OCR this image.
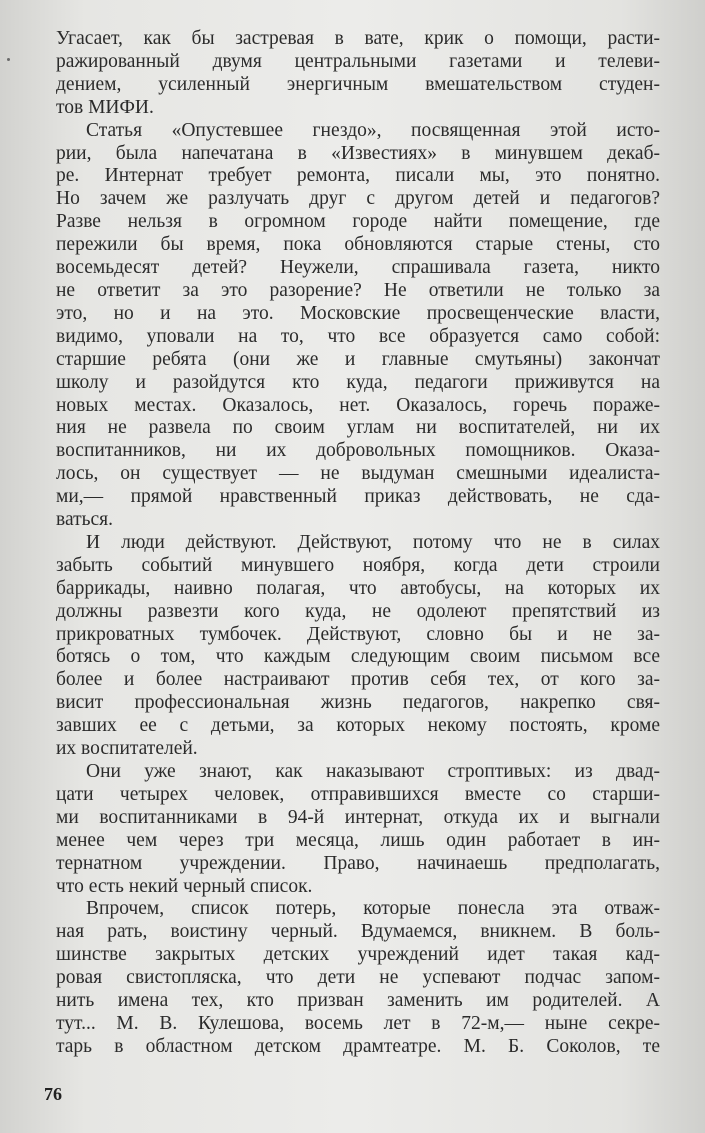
Угасает, как бы застревая в вате, крик о помощи, расти-
ражированный двумя центральными газетами и телеви-
дением, усиленный энергичным вмешательством студен-
тов МИФИ.

Статья «Опустевшее гнездо», посвященная этой исто-
рии, была напечатана в «Известиях» в минувшем декаб-
ре. Интернат требует ремонта, писали мы, это понятно.
Но зачем же разлучать друг с другом детей и педагогов?
Разве нельзя в огромном городе найти помещение, где
пережили бы время, пока обновляются старые стены, сто
восемьдесят детей? Неужели, спрашивала газета, никто
не ответит за это разорение? Не ответили не только за
это, но и на это. Московские просвещенческие власти,
видимо, уповали на то, что все образуется само собой:
старшие ребята (они же и главные смутьяны) закончат
школу и разойдутся кто куда, педагоги приживутся на
новых местах. Оказалось, нет. Оказалось, горечь пораже-
ния не развела по своим углам ни воспитателей, ни их
воспитанников, ни их добровольных помощников. Оказа-
лось, он существует — не выдуман смешными идеалиста-
ми,— прямой нравственный приказ действовать, не сда-
ваться.

И люди действуют. Действуют, потому что не в силах
забыть событий минувшего ноября, когда дети строили
баррикады, наивно полагая, что автобусы, на которых их
должны развезти кого куда, не одолеют препятствий из
прикроватных тумбочек. Действуют, словно бы и не за-
ботясь о том, что каждым следующим своим письмом все
более и более настраивают против себя тех, от кого за-
висит профессиональная жизнь педагогов, накрепко свя-
завших ее с детьми, за которых некому постоять, кроме
их воспитателей.

Они уже знают, как наказывают строптивых: из двад-
цати четырех человек, отправившихся вместе со старши-
ми воспитанниками в 94-й интернат, откуда их и выгнали
менее чем через три месяца, лишь один работает в ин-
тернатном учреждении. Право, начинаешь предполагать,
что есть некий черный список.

Впрочем, список потерь, которые понесла эта отваж-
ная рать, воистину черный. Вдумаемся, вникнем. В боль-
шинстве закрытых детских учреждений идет такая кад-
ровая свистопляска, что дети не успевают подчас запом-
нить имена тех, кто призван заменить им родителей. А
тут... М. В. Кулешова, восемь лет в 72-м,— ныне секре-
тарь в областном детском драмтеатре. М. Б. Соколов, те

76
